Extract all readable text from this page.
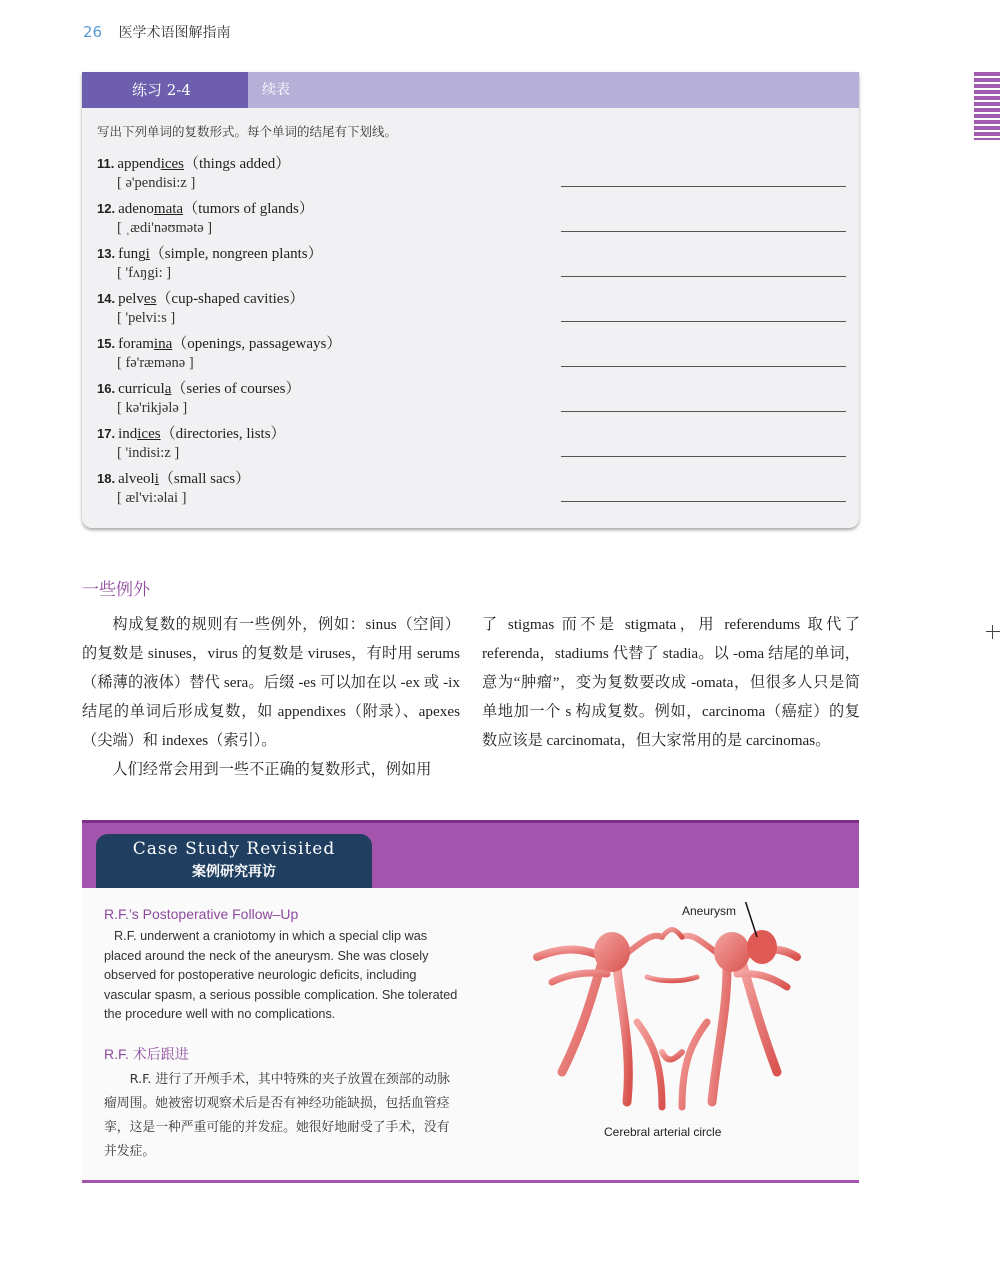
26 医学术语图解指南
练习 2-4	续表
写出下列单词的复数形式。每个单词的结尾有下划线。
11. appendices（things added）
[ ə'pendisi:z ]
12. adenomata（tumors of glands）
[ ˌædi'nəʊmətə ]
13. fungi（simple, nongreen plants）
[ 'fʌŋgi: ]
14. pelves（cup-shaped cavities）
[ 'pelvi:s ]
15. foramina（openings, passageways）
[ fə'ræmənə ]
16. curricula（series of courses）
[ kə'rikjələ ]
17. indices（directories, lists）
[ 'indisi:z ]
18. alveoli（small sacs）
[ æl'vi:əlai ]
一些例外

构成复数的规则有一些例外，例如：sinus（空间）的复数是 sinuses，virus 的复数是 viruses，有时用 serums（稀薄的液体）替代 sera。后缀 -es 可以加在以 -ex 或 -ix 结尾的单词后形成复数，如 appendixes（附录）、apexes（尖端）和 indexes（索引）。

人们经常会用到一些不正确的复数形式，例如用

了 stigmas 而不是 stigmata，用 referendums 取代了 referenda，stadiums 代替了 stadia。以 -oma 结尾的单词，意为“肿瘤”，变为复数要改成 -omata，但很多人只是简单地加一个 s 构成复数。例如，carcinoma（癌症）的复数应该是 carcinomata，但大家常用的是 carcinomas。

Case Study Revisited
案例研究再访
R.F.’s Postoperative Follow–Up
R.F. underwent a craniotomy in which a special clip was placed around the neck of the aneurysm. She was closely observed for postoperative neurologic deficits, including vascular spasm, a serious possible complication. She tolerated the procedure well with no complications.
R.F. 术后跟进
R.F. 进行了开颅手术，其中特殊的夹子放置在颈部的动脉瘤周围。她被密切观察术后是否有神经功能缺损，包括血管痉挛，这是一种严重可能的并发症。她很好地耐受了手术，没有并发症。
Aneurysm
Cerebral arterial circle
